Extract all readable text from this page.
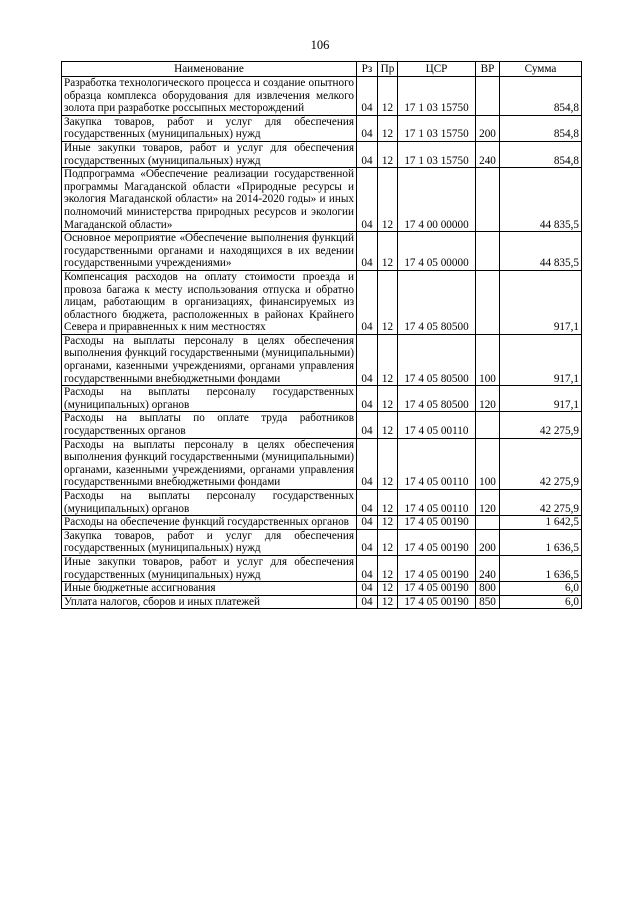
106
Наименование	Рз	Пр	ЦСР	ВР	Сумма
Разработка технологического процесса и создание опытного образца комплекса оборудования для извлечения мелкого золота при разработке россыпных месторождений	04	12	17 1 03 15750		854,8
Закупка товаров, работ и услуг для обеспечения государственных (муниципальных) нужд	04	12	17 1 03 15750	200	854,8
Иные закупки товаров, работ и услуг для обеспечения государственных (муниципальных) нужд	04	12	17 1 03 15750	240	854,8
Подпрограмма «Обеспечение реализации государственной программы Магаданской области «Природные ресурсы и экология Магаданской области» на 2014-2020 годы» и иных полномочий министерства природных ресурсов и экологии Магаданской области»	04	12	17 4 00 00000		44 835,5
Основное мероприятие «Обеспечение выполнения функций государственными органами и находящихся в их ведении государственными учреждениями»	04	12	17 4 05 00000		44 835,5
Компенсация расходов на оплату стоимости проезда и провоза багажа к месту использования отпуска и обратно лицам, работающим в организациях, финансируемых из областного бюджета, расположенных в районах Крайнего Севера и приравненных к ним местностях	04	12	17 4 05 80500		917,1
Расходы на выплаты персоналу в целях обеспечения выполнения функций государственными (муниципальными) органами, казенными учреждениями, органами управления государственными внебюджетными фондами	04	12	17 4 05 80500	100	917,1
Расходы на выплаты персоналу государственных (муниципальных) органов	04	12	17 4 05 80500	120	917,1
Расходы на выплаты по оплате труда работников государственных органов	04	12	17 4 05 00110		42 275,9
Расходы на выплаты персоналу в целях обеспечения выполнения функций государственными (муниципальными) органами, казенными учреждениями, органами управления государственными внебюджетными фондами	04	12	17 4 05 00110	100	42 275,9
Расходы на выплаты персоналу государственных (муниципальных) органов	04	12	17 4 05 00110	120	42 275,9
Расходы на обеспечение функций государственных органов	04	12	17 4 05 00190		1 642,5
Закупка товаров, работ и услуг для обеспечения государственных (муниципальных) нужд	04	12	17 4 05 00190	200	1 636,5
Иные закупки товаров, работ и услуг для обеспечения государственных (муниципальных) нужд	04	12	17 4 05 00190	240	1 636,5
Иные бюджетные ассигнования	04	12	17 4 05 00190	800	6,0
Уплата налогов, сборов и иных платежей	04	12	17 4 05 00190	850	6,0
